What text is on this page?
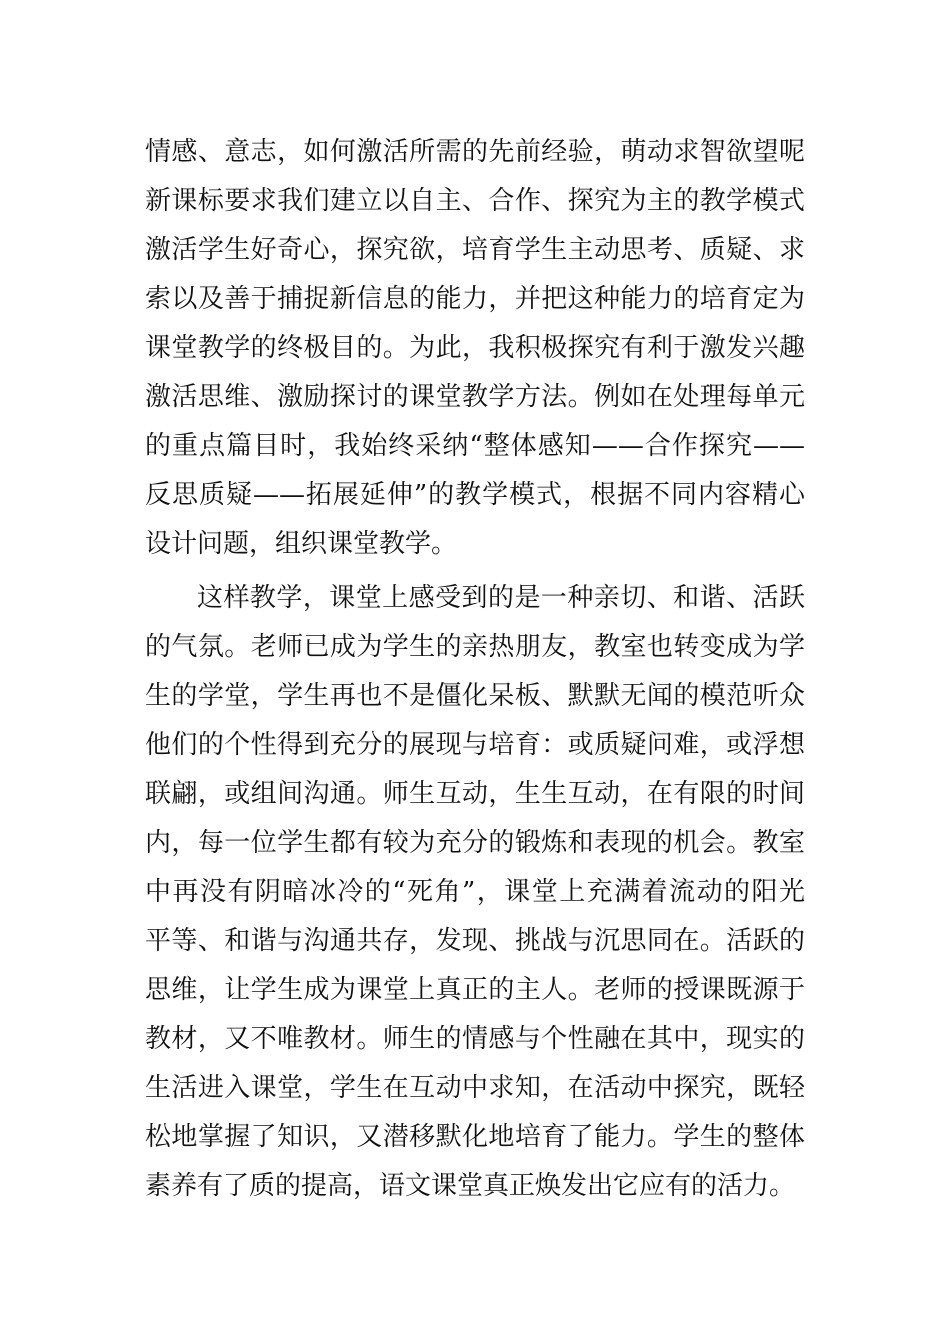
情感、意志，如何激活所需的先前经验，萌动求智欲望呢
新课标要求我们建立以自主、合作、探究为主的教学模式
激活学生好奇心，探究欲，培育学生主动思考、质疑、求
索以及善于捕捉新信息的能力，并把这种能力的培育定为
课堂教学的终极目的。为此，我积极探究有利于激发兴趣
激活思维、激励探讨的课堂教学方法。例如在处理每单元
的重点篇目时，我始终采纳“整体感知——合作探究——
反思质疑——拓展延伸”的教学模式，根据不同内容精心
设计问题，组织课堂教学。
这样教学，课堂上感受到的是一种亲切、和谐、活跃
的气氛。老师已成为学生的亲热朋友，教室也转变成为学
生的学堂，学生再也不是僵化呆板、默默无闻的模范听众
他们的个性得到充分的展现与培育：或质疑问难，或浮想
联翩，或组间沟通。师生互动，生生互动，在有限的时间
内，每一位学生都有较为充分的锻炼和表现的机会。教室
中再没有阴暗冰冷的“死角”，课堂上充满着流动的阳光
平等、和谐与沟通共存，发现、挑战与沉思同在。活跃的
思维，让学生成为课堂上真正的主人。老师的授课既源于
教材，又不唯教材。师生的情感与个性融在其中，现实的
生活进入课堂，学生在互动中求知，在活动中探究，既轻
松地掌握了知识，又潜移默化地培育了能力。学生的整体
素养有了质的提高，语文课堂真正焕发出它应有的活力。
